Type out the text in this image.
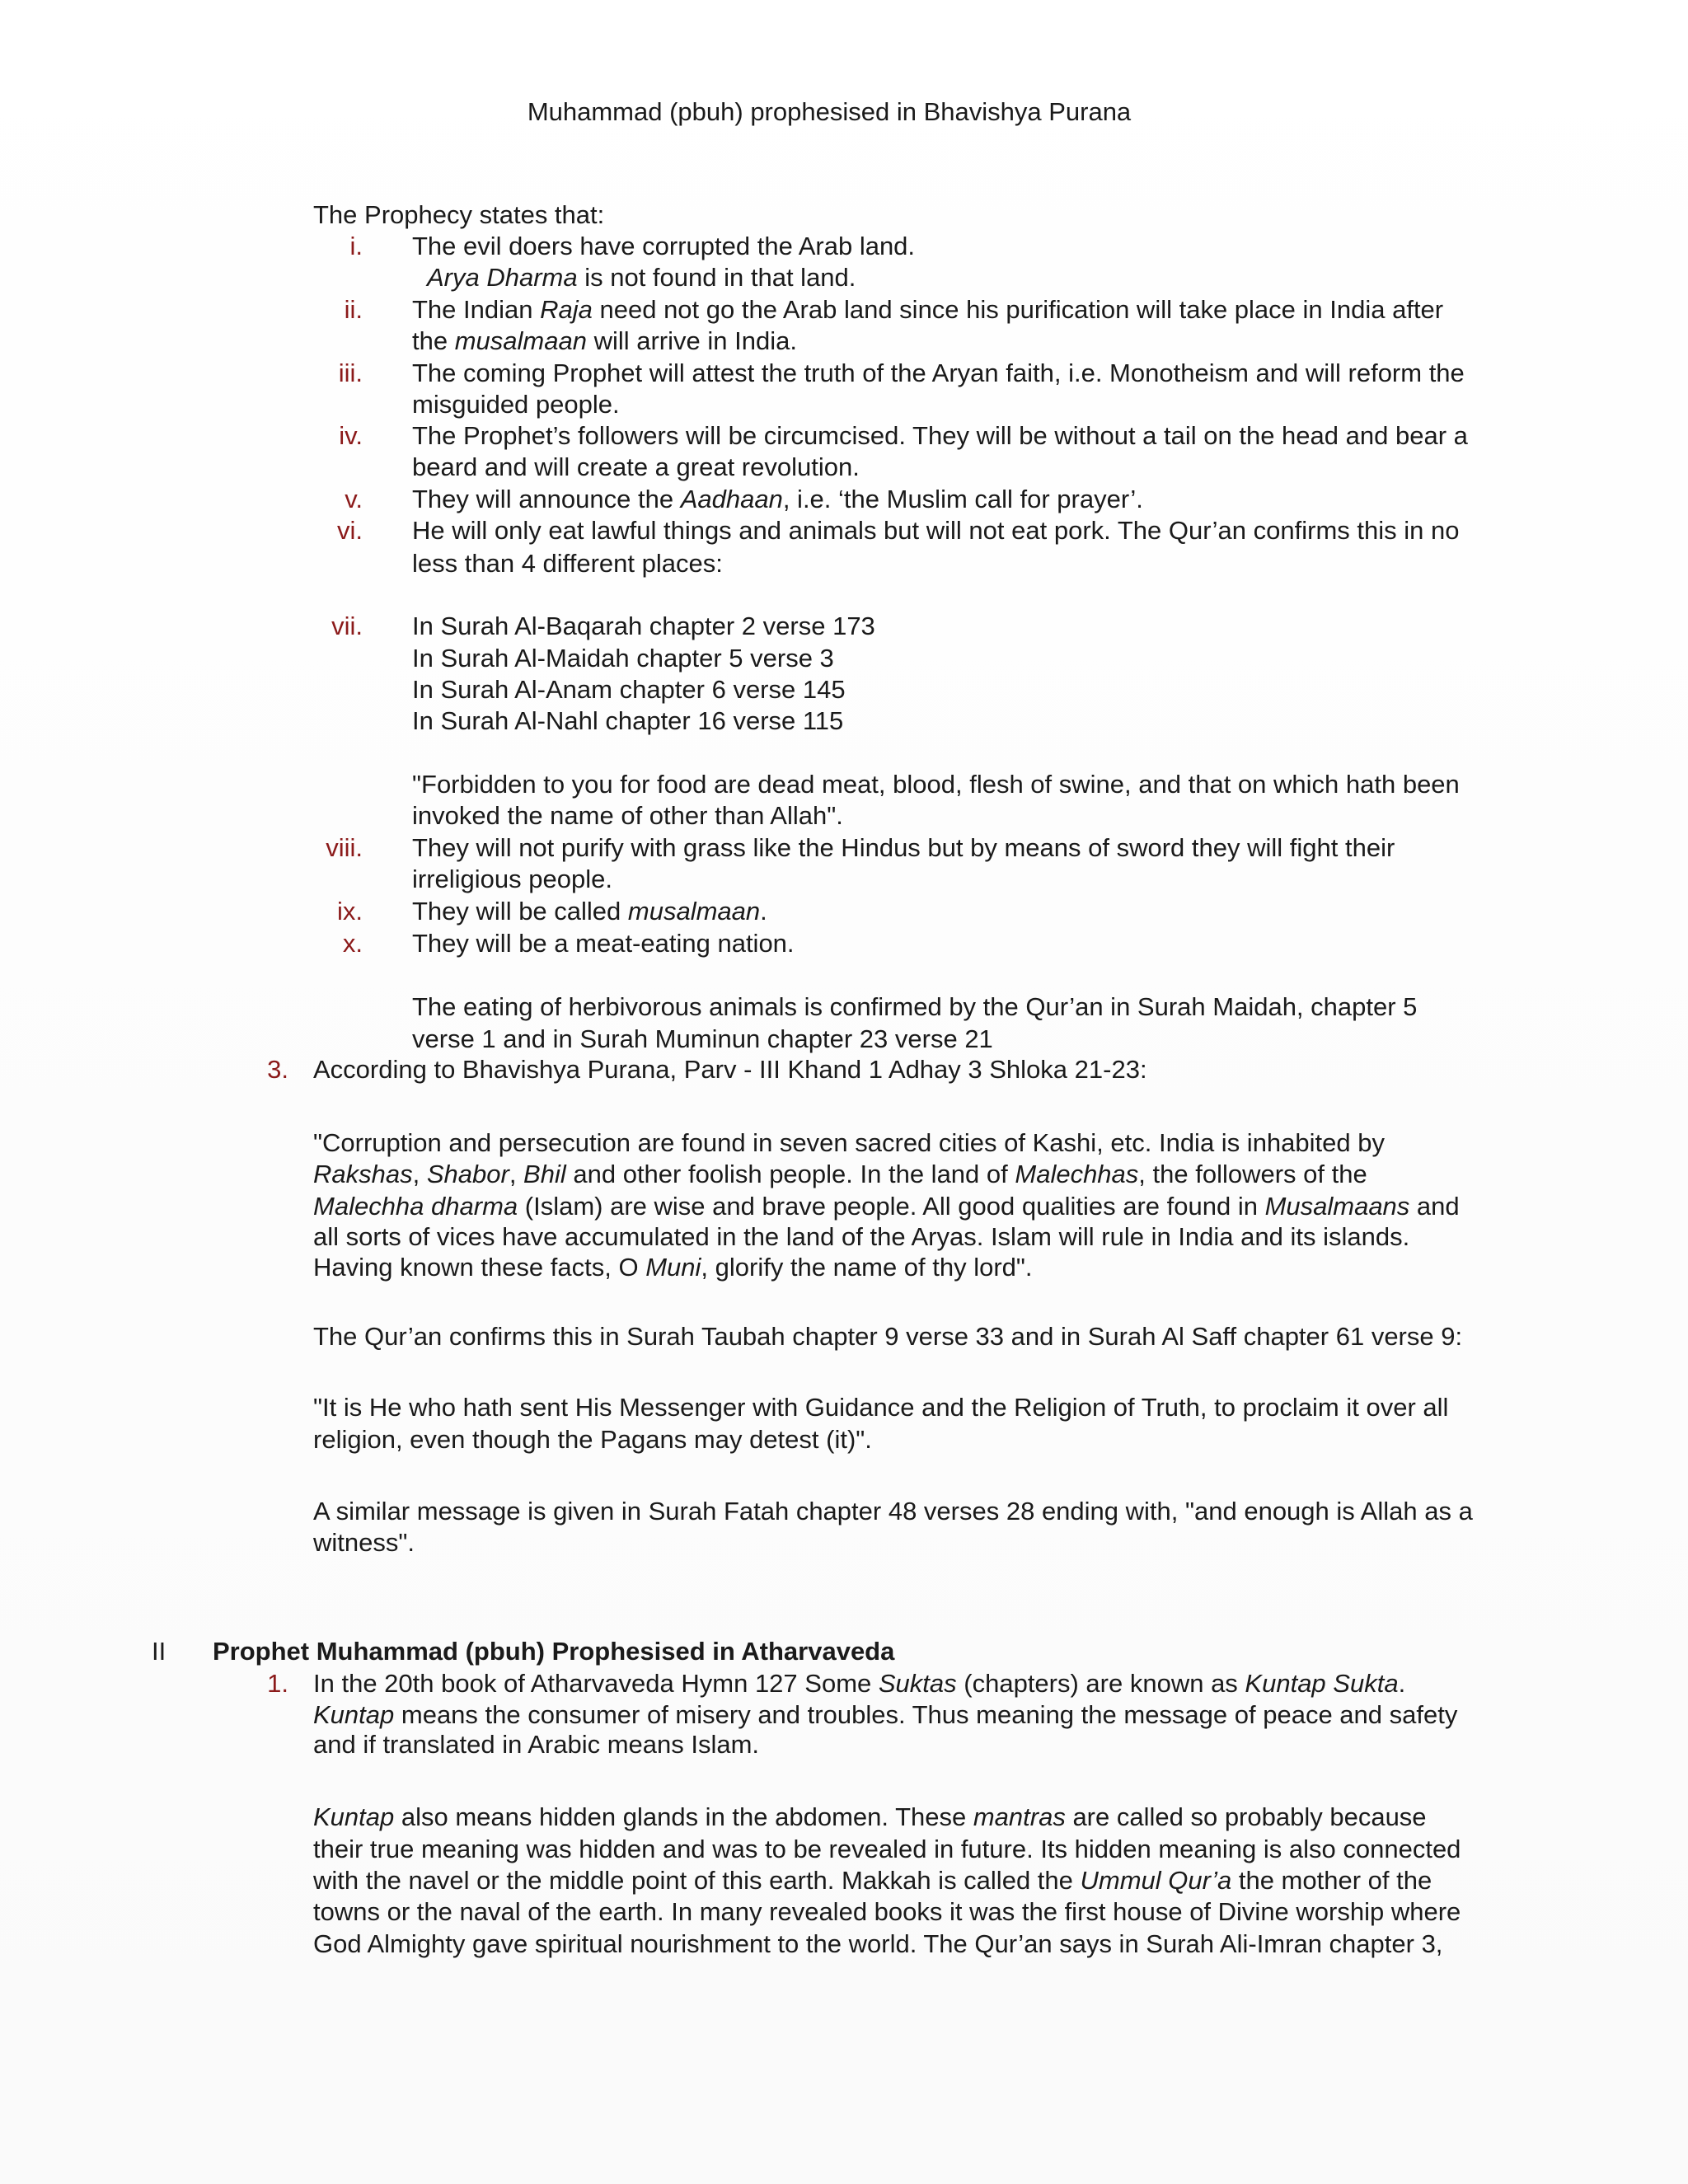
Muhammad (pbuh) prophesised in Bhavishya Purana
The Prophecy states that:
i. The evil doers have corrupted the Arab land.
Arya Dharma is not found in that land.
ii. The Indian Raja need not go the Arab land since his purification will take place in India after
the musalmaan will arrive in India.
iii. The coming Prophet will attest the truth of the Aryan faith, i.e. Monotheism and will reform the
misguided people.
iv. The Prophet’s followers will be circumcised. They will be without a tail on the head and bear a
beard and will create a great revolution.
v. They will announce the Aadhaan, i.e. ‘the Muslim call for prayer’.
vi. He will only eat lawful things and animals but will not eat pork. The Qur’an confirms this in no
less than 4 different places:
vii. In Surah Al-Baqarah chapter 2 verse 173
In Surah Al-Maidah chapter 5 verse 3
In Surah Al-Anam chapter 6 verse 145
In Surah Al-Nahl chapter 16 verse 115
"Forbidden to you for food are dead meat, blood, flesh of swine, and that on which hath been
invoked the name of other than Allah".
viii. They will not purify with grass like the Hindus but by means of sword they will fight their
irreligious people.
ix. They will be called musalmaan.
x. They will be a meat-eating nation.
The eating of herbivorous animals is confirmed by the Qur’an in Surah Maidah, chapter 5
verse 1 and in Surah Muminun chapter 23 verse 21
3. According to Bhavishya Purana, Parv - III Khand 1 Adhay 3 Shloka 21-23:
"Corruption and persecution are found in seven sacred cities of Kashi, etc. India is inhabited by
Rakshas, Shabor, Bhil and other foolish people. In the land of Malechhas, the followers of the
Malechha dharma (Islam) are wise and brave people. All good qualities are found in Musalmaans and
all sorts of vices have accumulated in the land of the Aryas. Islam will rule in India and its islands.
Having known these facts, O Muni, glorify the name of thy lord".
The Qur’an confirms this in Surah Taubah chapter 9 verse 33 and in Surah Al Saff chapter 61 verse 9:
"It is He who hath sent His Messenger with Guidance and the Religion of Truth, to proclaim it over all
religion, even though the Pagans may detest (it)".
A similar message is given in Surah Fatah chapter 48 verses 28 ending with, "and enough is Allah as a
witness".
II Prophet Muhammad (pbuh) Prophesised in Atharvaveda
1. In the 20th book of Atharvaveda Hymn 127 Some Suktas (chapters) are known as Kuntap Sukta.
Kuntap means the consumer of misery and troubles. Thus meaning the message of peace and safety
and if translated in Arabic means Islam.
Kuntap also means hidden glands in the abdomen. These mantras are called so probably because
their true meaning was hidden and was to be revealed in future. Its hidden meaning is also connected
with the navel or the middle point of this earth. Makkah is called the Ummul Qur’a the mother of the
towns or the naval of the earth. In many revealed books it was the first house of Divine worship where
God Almighty gave spiritual nourishment to the world. The Qur’an says in Surah Ali-Imran chapter 3,
